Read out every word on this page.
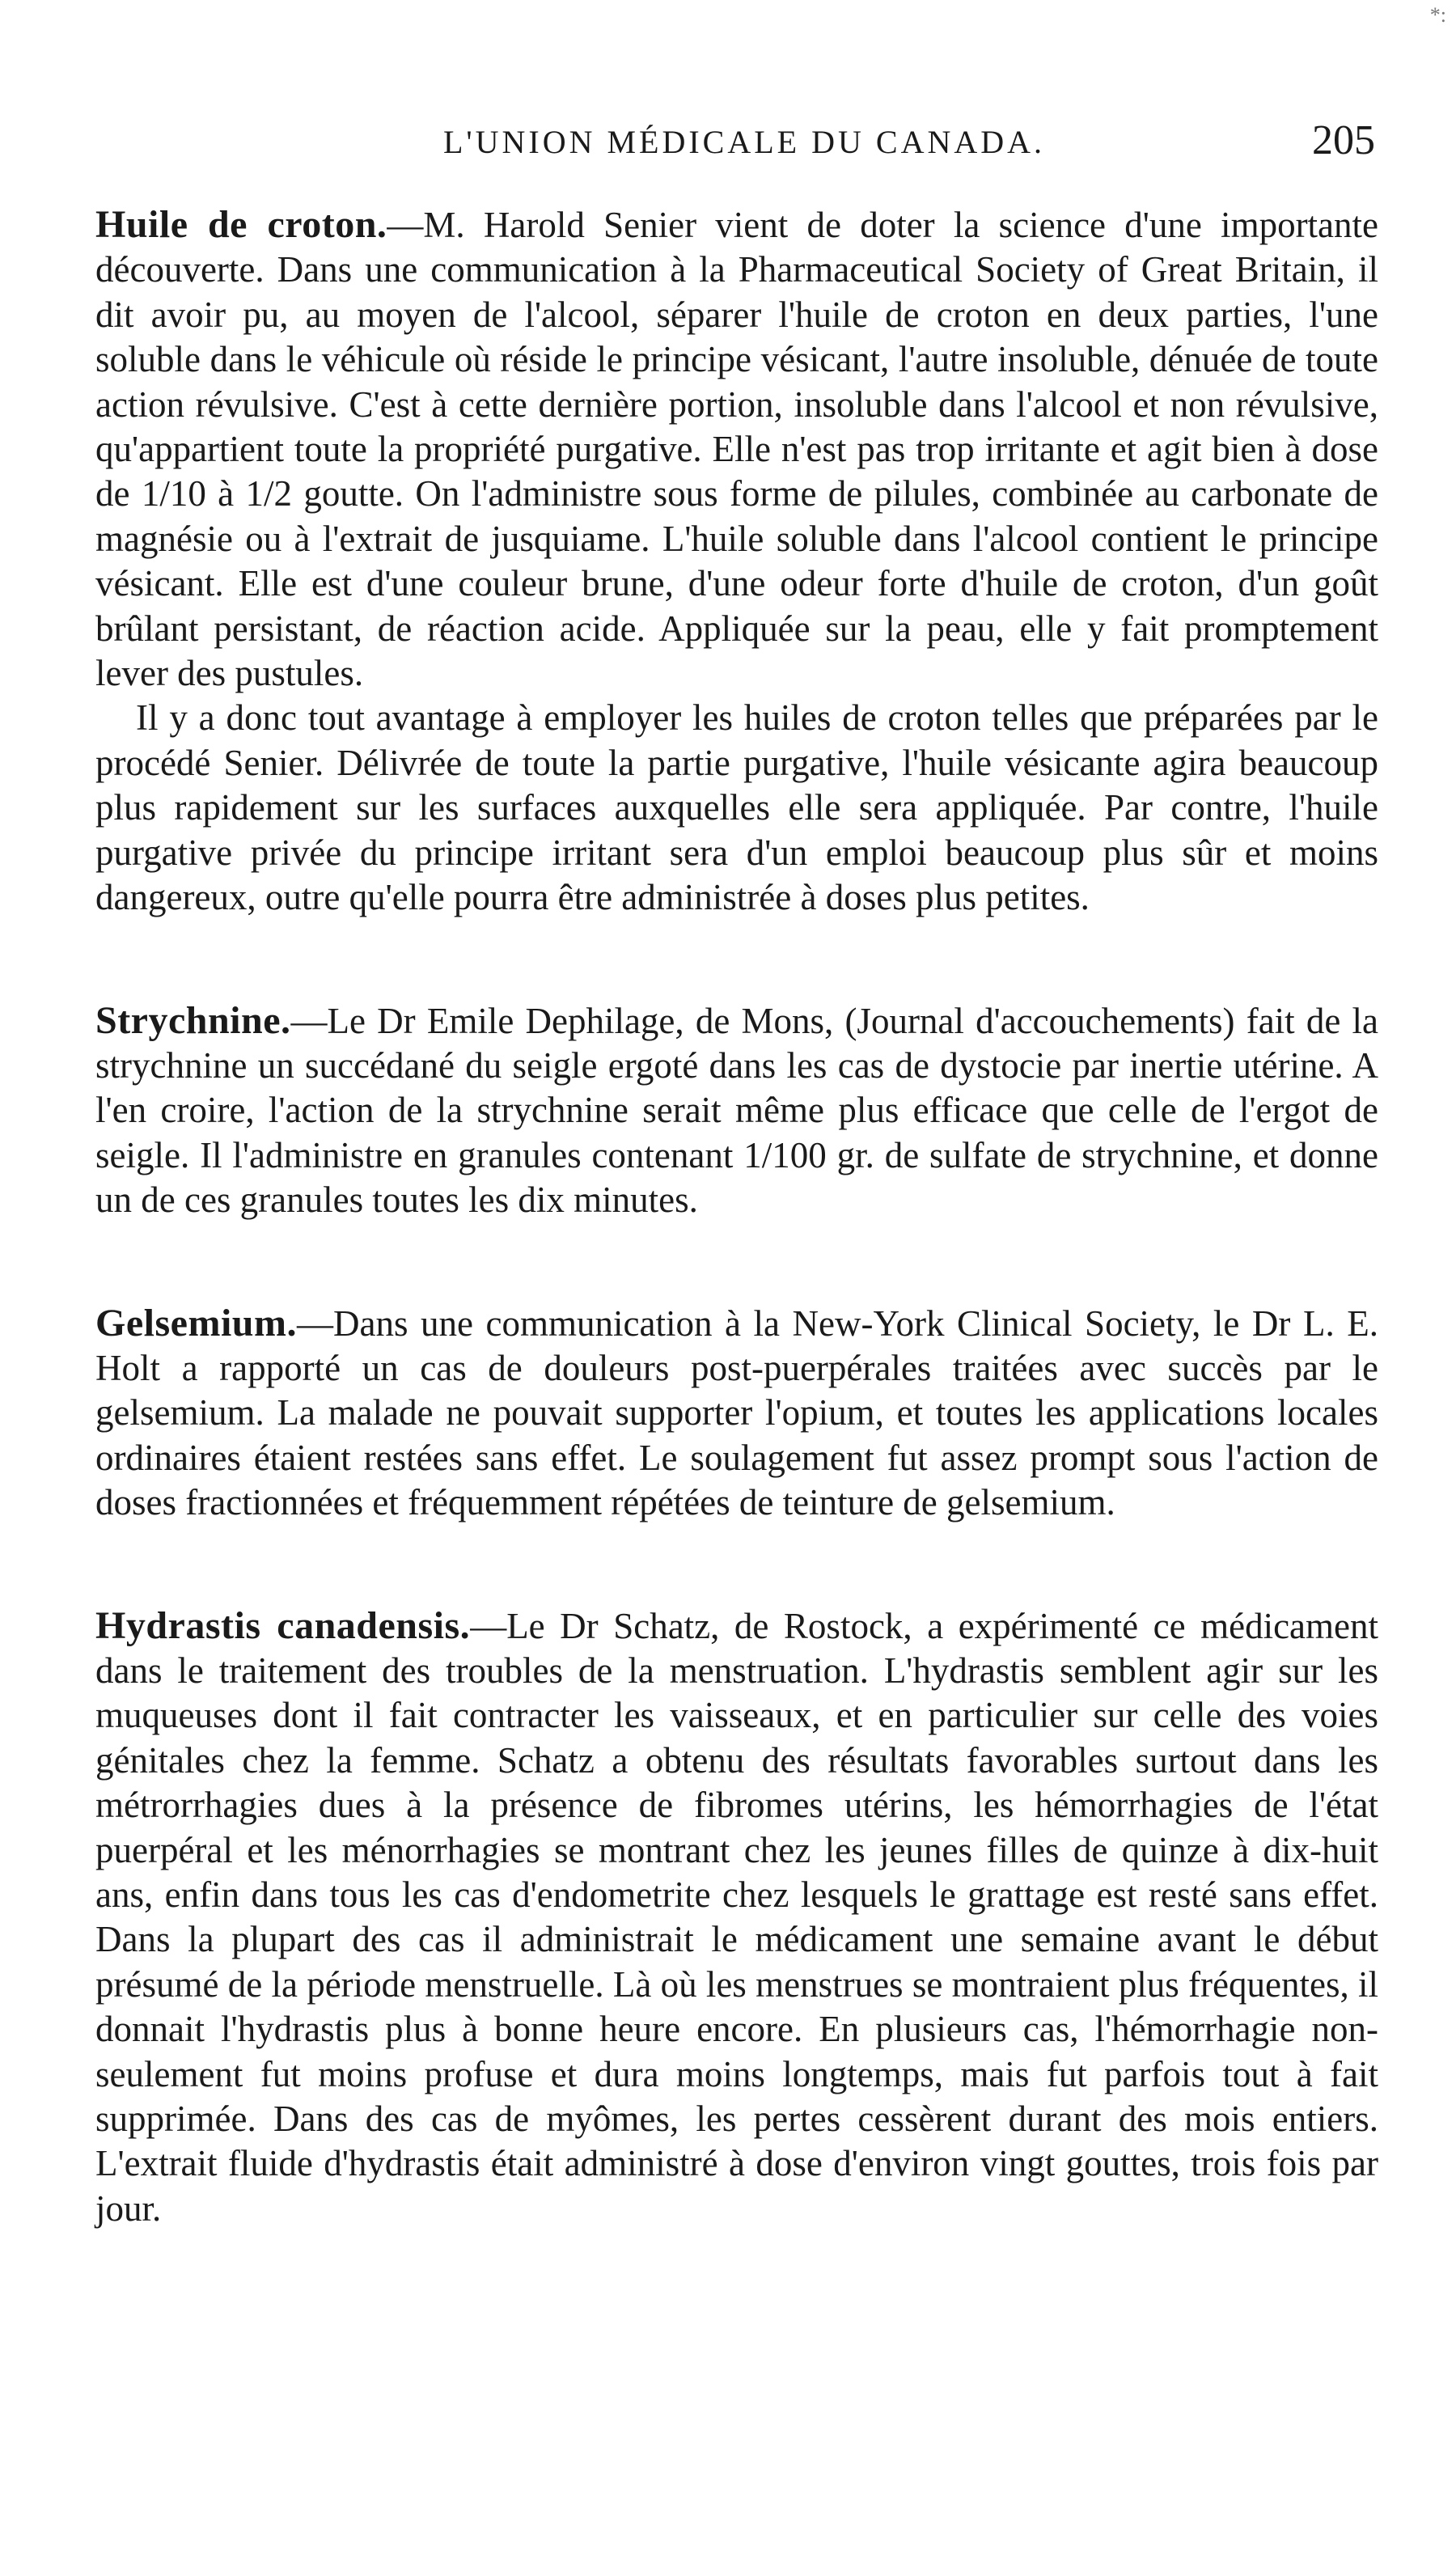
*:
L'UNION MÉDICALE DU CANADA.	205

Huile de croton.—M. Harold Senier vient de doter la science d'une importante découverte. Dans une communication à la Pharmaceutical Society of Great Britain, il dit avoir pu, au moyen de l'alcool, séparer l'huile de croton en deux parties, l'une soluble dans le véhicule où réside le principe vésicant, l'autre insoluble, dénuée de toute action révulsive. C'est à cette dernière portion, insoluble dans l'alcool et non révulsive, qu'appartient toute la propriété purgative. Elle n'est pas trop irritante et agit bien à dose de 1/10 à 1/2 goutte. On l'administre sous forme de pilules, combinée au carbonate de magnésie ou à l'extrait de jusquiame. L'huile soluble dans l'alcool contient le principe vésicant. Elle est d'une couleur brune, d'une odeur forte d'huile de croton, d'un goût brûlant persistant, de réaction acide. Appliquée sur la peau, elle y fait promptement lever des pustules.

Il y a donc tout avantage à employer les huiles de croton telles que préparées par le procédé Senier. Délivrée de toute la partie purgative, l'huile vésicante agira beaucoup plus rapidement sur les surfaces auxquelles elle sera appliquée. Par contre, l'huile purgative privée du principe irritant sera d'un emploi beaucoup plus sûr et moins dangereux, outre qu'elle pourra être administrée à doses plus petites.

Strychnine.—Le Dr Emile Dephilage, de Mons, (Journal d'accouchements) fait de la strychnine un succédané du seigle ergoté dans les cas de dystocie par inertie utérine. A l'en croire, l'action de la strychnine serait même plus efficace que celle de l'ergot de seigle. Il l'administre en granules contenant 1/100 gr. de sulfate de strychnine, et donne un de ces granules toutes les dix minutes.

Gelsemium.—Dans une communication à la New-York Clinical Society, le Dr L. E. Holt a rapporté un cas de douleurs post-puerpérales traitées avec succès par le gelsemium. La malade ne pouvait supporter l'opium, et toutes les applications locales ordinaires étaient restées sans effet. Le soulagement fut assez prompt sous l'action de doses fractionnées et fréquemment répétées de teinture de gelsemium.

Hydrastis canadensis.—Le Dr Schatz, de Rostock, a expérimenté ce médicament dans le traitement des troubles de la menstruation. L'hydrastis semblent agir sur les muqueuses dont il fait contracter les vaisseaux, et en particulier sur celle des voies génitales chez la femme. Schatz a obtenu des résultats favorables surtout dans les métrorrhagies dues à la présence de fibromes utérins, les hémorrhagies de l'état puerpéral et les ménorrhagies se montrant chez les jeunes filles de quinze à dix-huit ans, enfin dans tous les cas d'endometrite chez lesquels le grattage est resté sans effet. Dans la plupart des cas il administrait le médicament une semaine avant le début présumé de la période menstruelle. Là où les menstrues se montraient plus fréquentes, il donnait l'hydrastis plus à bonne heure encore. En plusieurs cas, l'hémorrhagie non-seulement fut moins profuse et dura moins longtemps, mais fut parfois tout à fait supprimée. Dans des cas de myômes, les pertes cessèrent durant des mois entiers. L'extrait fluide d'hydrastis était administré à dose d'environ vingt gouttes, trois fois par jour.
